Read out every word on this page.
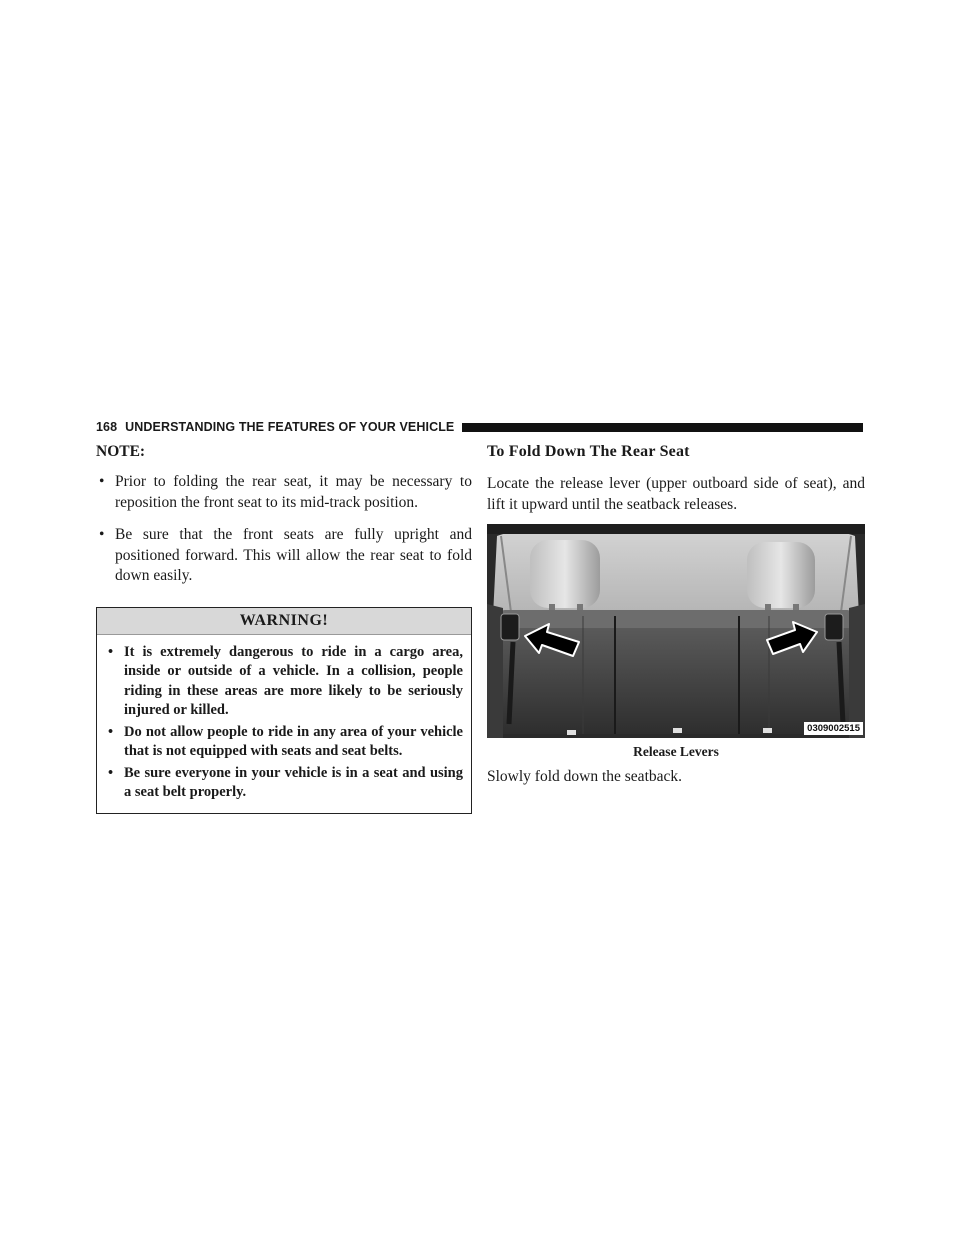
168 UNDERSTANDING THE FEATURES OF YOUR VEHICLE
NOTE:
• Prior to folding the rear seat, it may be necessary to reposition the front seat to its mid-track position.
• Be sure that the front seats are fully upright and positioned forward. This will allow the rear seat to fold down easily.
WARNING!
• It is extremely dangerous to ride in a cargo area, inside or outside of a vehicle. In a collision, people riding in these areas are more likely to be seriously injured or killed.
• Do not allow people to ride in any area of your vehicle that is not equipped with seats and seat belts.
• Be sure everyone in your vehicle is in a seat and using a seat belt properly.
To Fold Down The Rear Seat

Locate the release lever (upper outboard side of seat), and lift it upward until the seatback releases.

0309002515
Release Levers

Slowly fold down the seatback.
